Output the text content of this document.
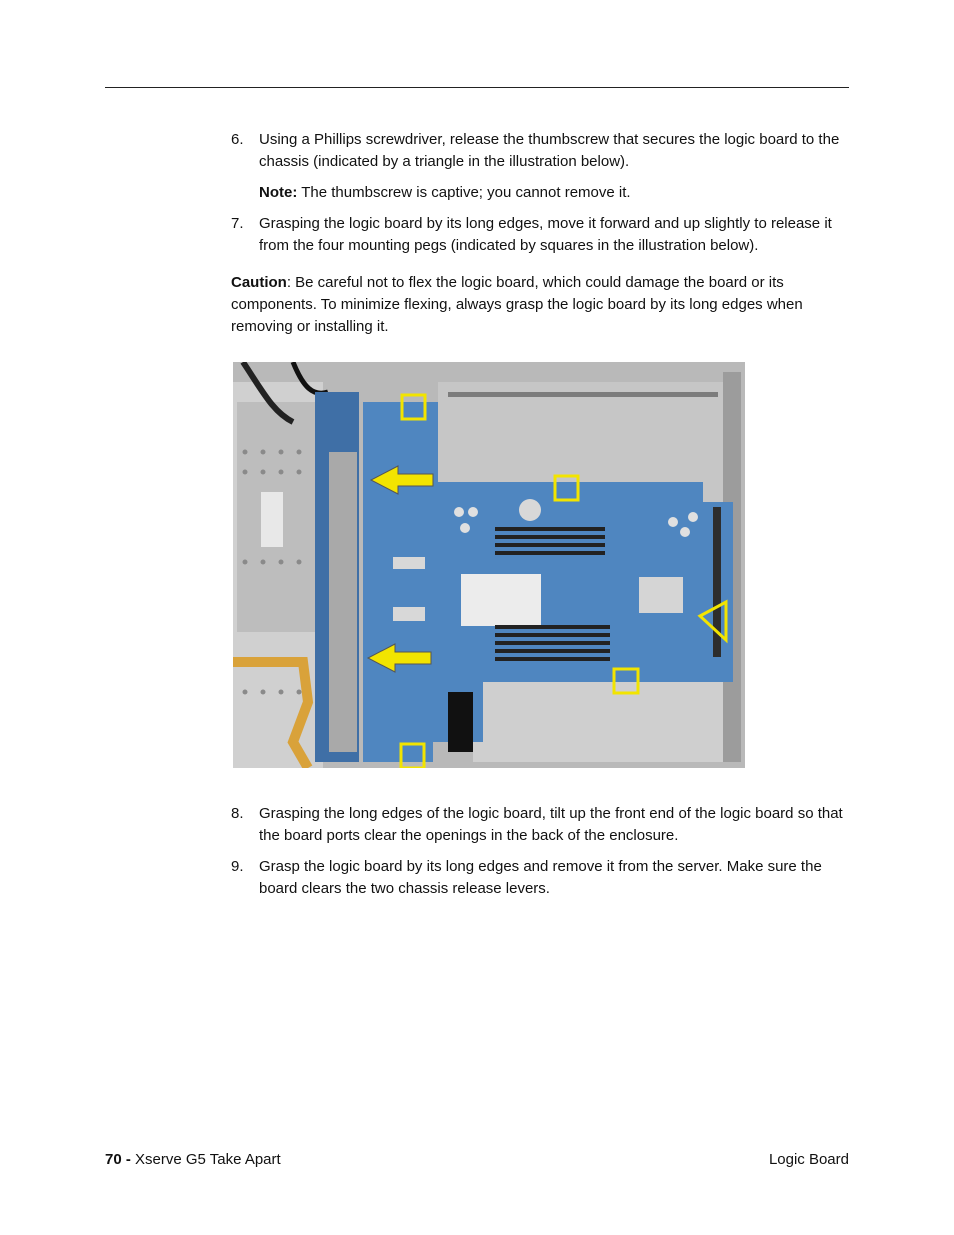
6. Using a Phillips screwdriver, release the thumbscrew that secures the logic board to the chassis (indicated by a triangle in the illustration below).
Note: The thumbscrew is captive; you cannot remove it.
7. Grasping the logic board by its long edges, move it forward and up slightly to release it from the four mounting pegs (indicated by squares in the illustration below).
Caution: Be careful not to flex the logic board, which could damage the board or its components. To minimize flexing, always grasp the logic board by its long edges when removing or installing it.
8. Grasping the long edges of the logic board, tilt up the front end of the logic board so that the board ports clear the openings in the back of the enclosure.
9. Grasp the logic board by its long edges and remove it from the server. Make sure the board clears the two chassis release levers.
70 - Xserve G5 Take Apart	Logic Board
